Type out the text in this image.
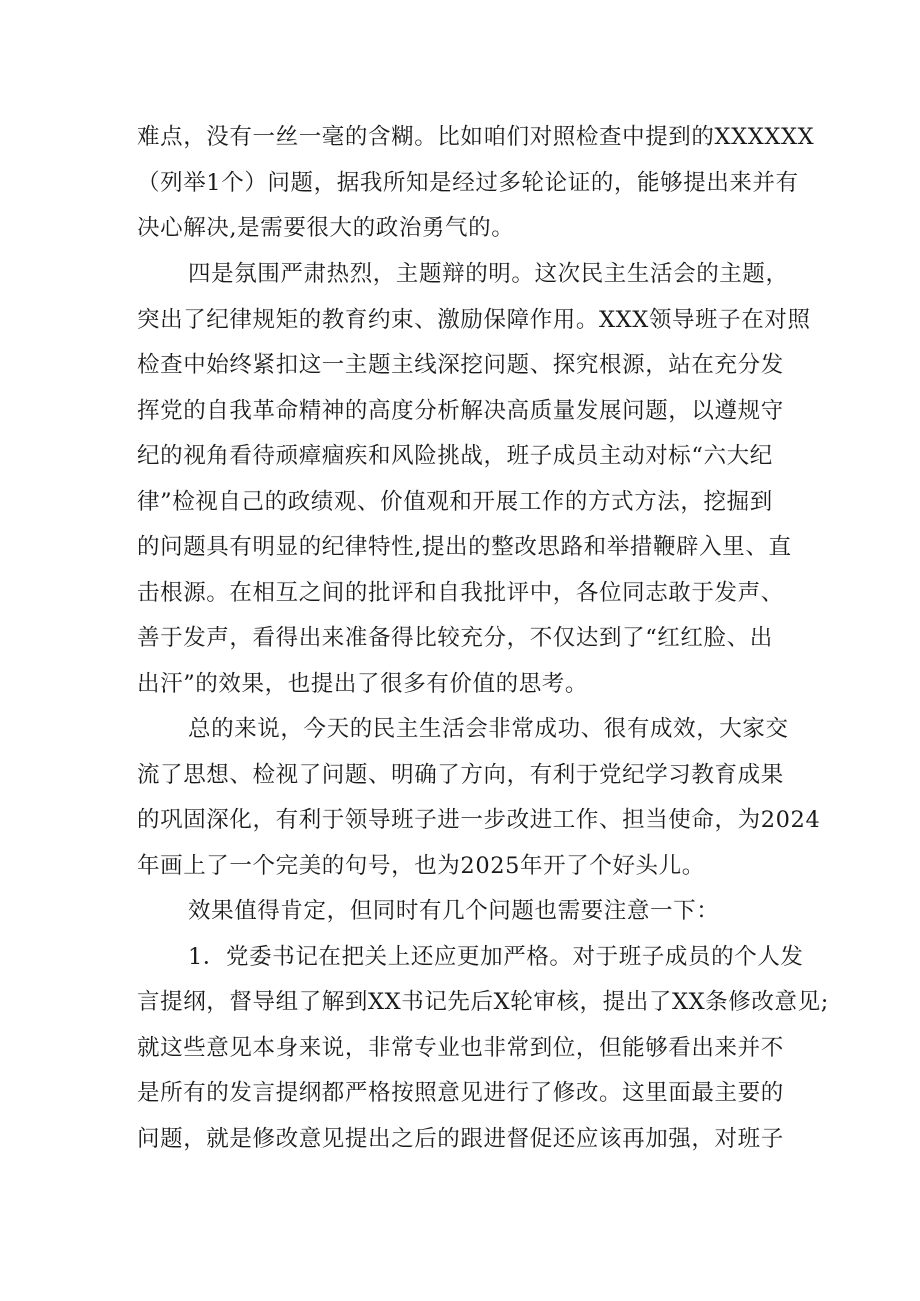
难点，没有一丝一毫的含糊。比如咱们对照检查中提到的XXXXXX
（列举1个）问题，据我所知是经过多轮论证的，能够提出来并有
决心解决,是需要很大的政治勇气的。
四是氛围严肃热烈，主题辩的明。这次民主生活会的主题，
突出了纪律规矩的教育约束、激励保障作用。XXX领导班子在对照
检查中始终紧扣这一主题主线深挖问题、探究根源，站在充分发
挥党的自我革命精神的高度分析解决高质量发展问题，以遵规守
纪的视角看待顽瘴痼疾和风险挑战，班子成员主动对标“六大纪
律”检视自己的政绩观、价值观和开展工作的方式方法，挖掘到
的问题具有明显的纪律特性,提出的整改思路和举措鞭辟入里、直
击根源。在相互之间的批评和自我批评中，各位同志敢于发声、
善于发声，看得出来准备得比较充分，不仅达到了“红红脸、出
出汗”的效果，也提出了很多有价值的思考。
总的来说，今天的民主生活会非常成功、很有成效，大家交
流了思想、检视了问题、明确了方向，有利于党纪学习教育成果
的巩固深化，有利于领导班子进一步改进工作、担当使命，为2024
年画上了一个完美的句号，也为2025年开了个好头儿。
效果值得肯定，但同时有几个问题也需要注意一下：
1．党委书记在把关上还应更加严格。对于班子成员的个人发
言提纲，督导组了解到XX书记先后X轮审核，提出了XX条修改意见;
就这些意见本身来说，非常专业也非常到位，但能够看出来并不
是所有的发言提纲都严格按照意见进行了修改。这里面最主要的
问题，就是修改意见提出之后的跟进督促还应该再加强，对班子
